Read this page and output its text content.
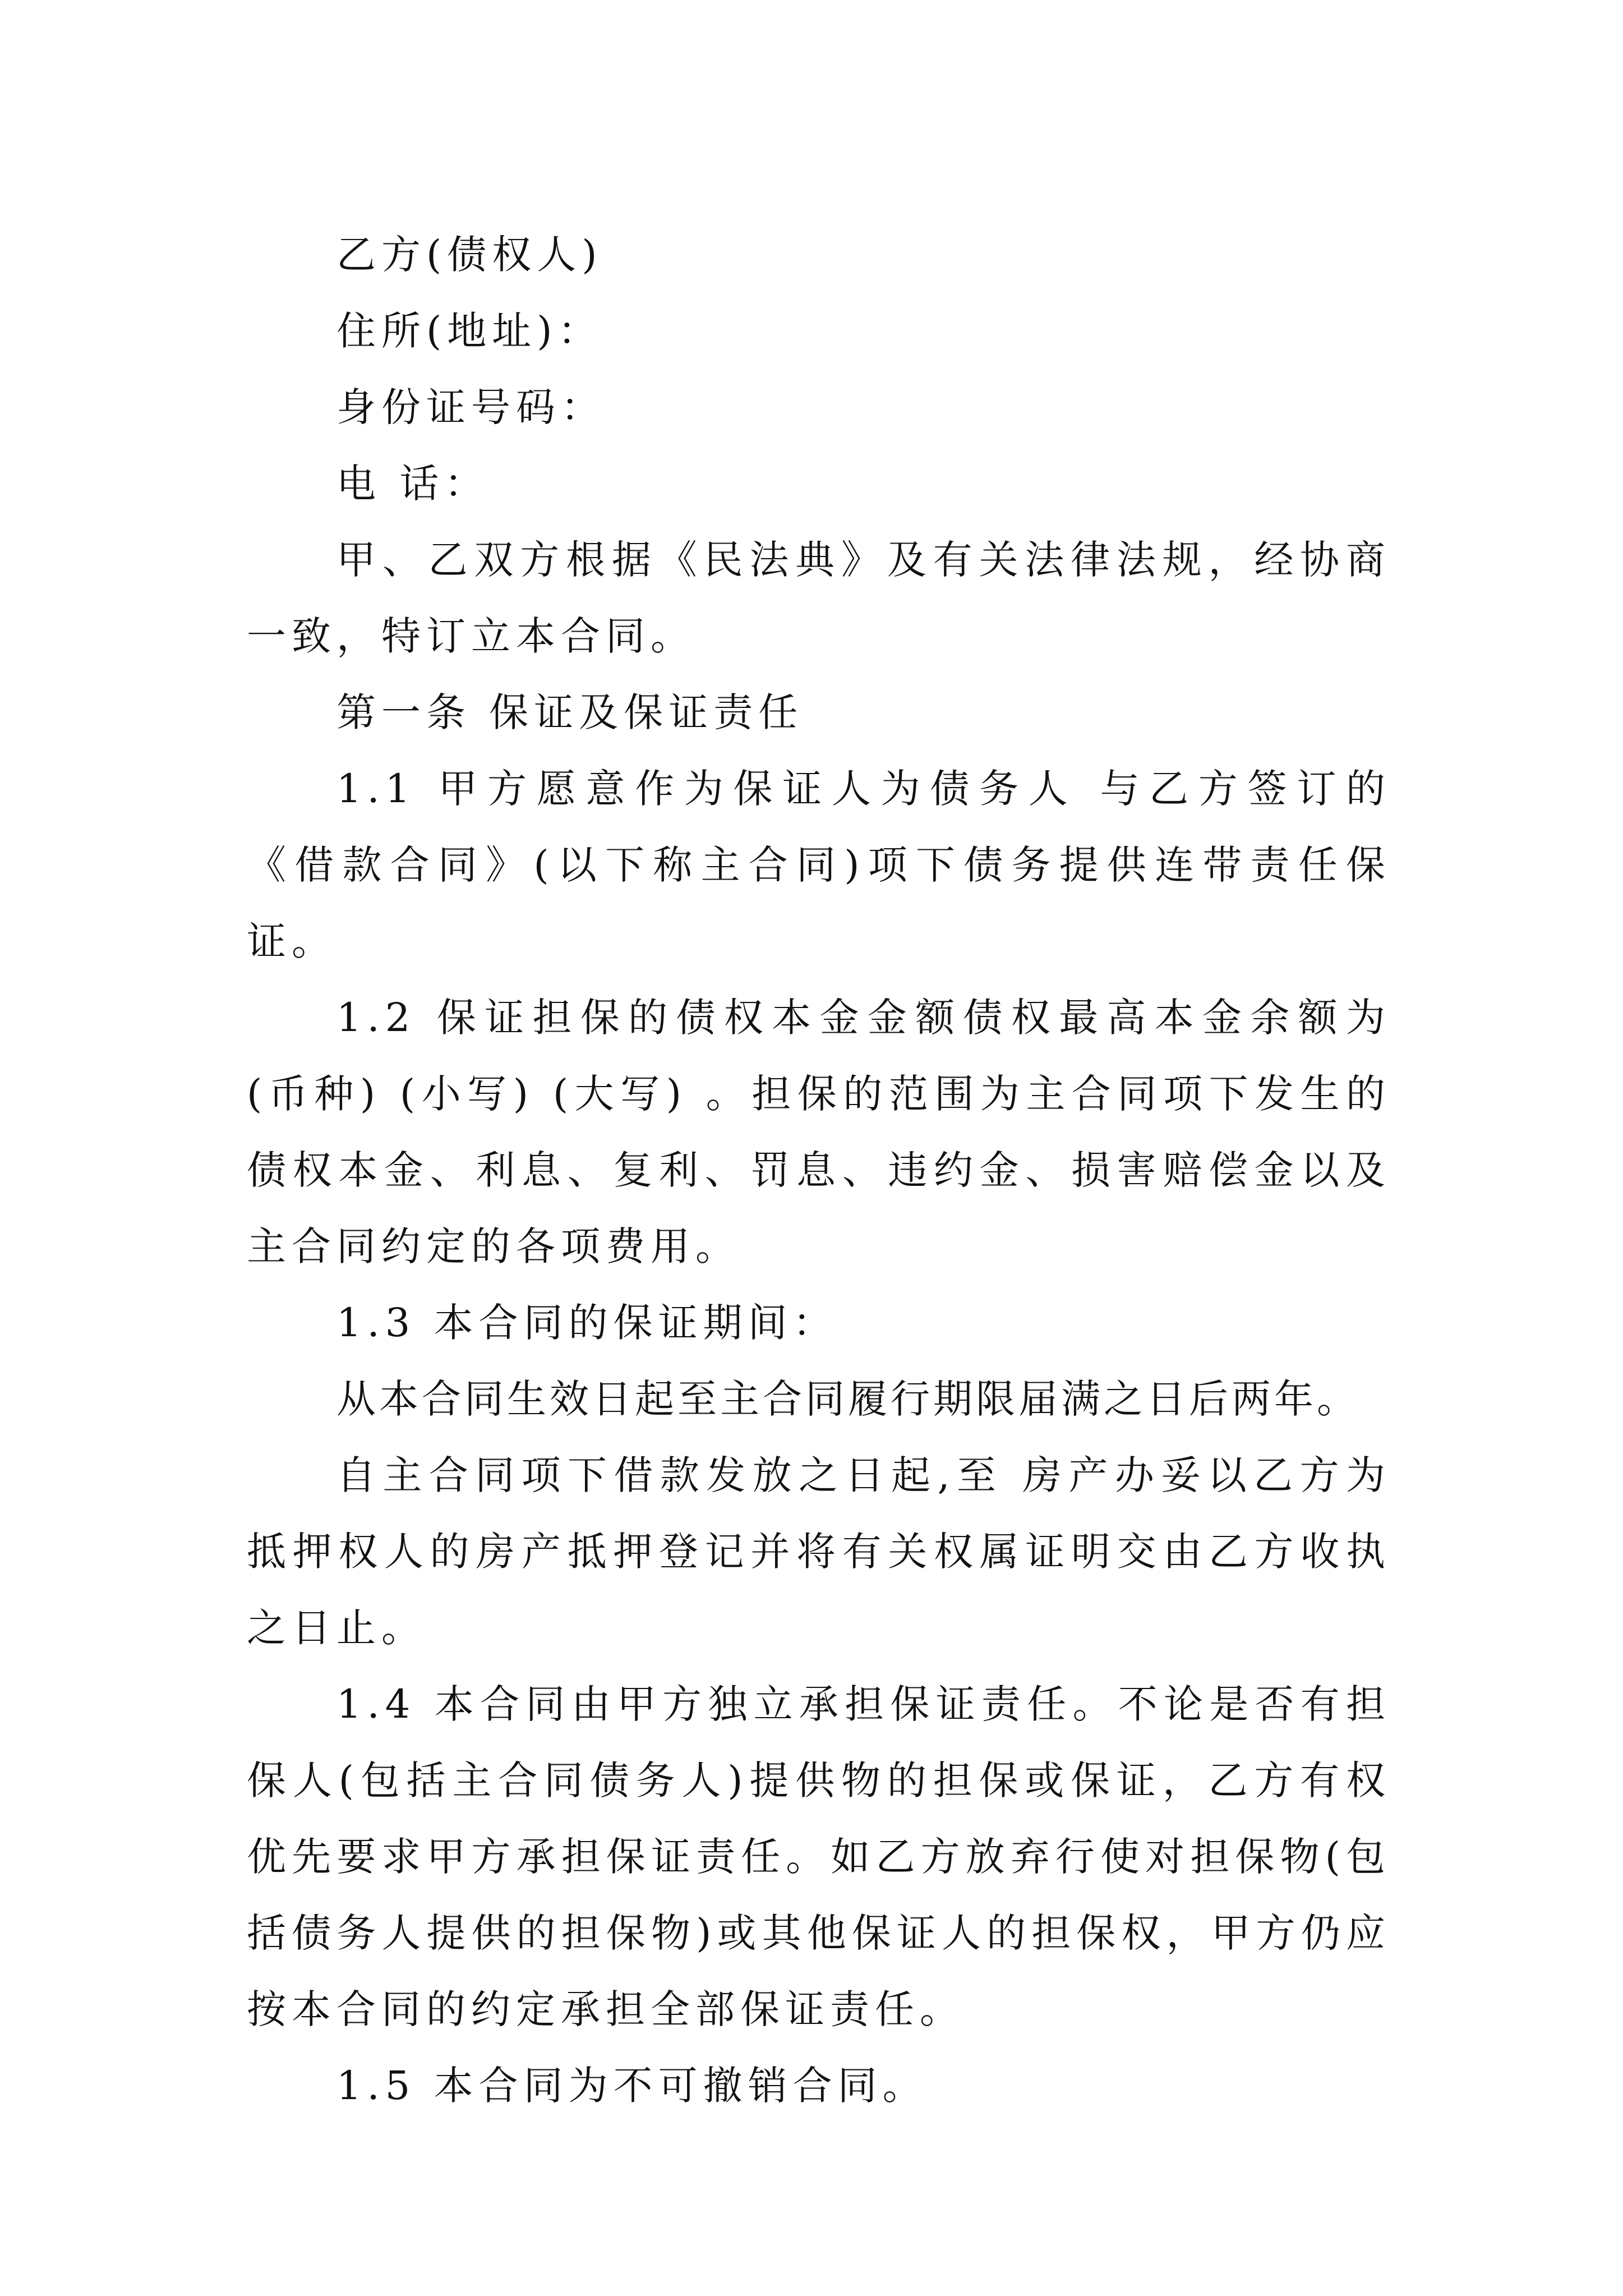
乙方(债权人)

住所(地址)：

身份证号码：

电 话：

甲、乙双方根据《民法典》及有关法律法规，经协商一致，特订立本合同。

第一条 保证及保证责任

1.1 甲方愿意作为保证人为债务人 与乙方签订的《借款合同》(以下称主合同)项下债务提供连带责任保证。

1.2 保证担保的债权本金金额债权最高本金余额为(币种) (小写) (大写) 。担保的范围为主合同项下发生的债权本金、利息、复利、罚息、违约金、损害赔偿金以及主合同约定的各项费用。

1.3 本合同的保证期间：

从本合同生效日起至主合同履行期限届满之日后两年。

自主合同项下借款发放之日起,至 房产办妥以乙方为抵押权人的房产抵押登记并将有关权属证明交由乙方收执之日止。

1.4 本合同由甲方独立承担保证责任。不论是否有担保人(包括主合同债务人)提供物的担保或保证，乙方有权优先要求甲方承担保证责任。如乙方放弃行使对担保物(包括债务人提供的担保物)或其他保证人的担保权，甲方仍应按本合同的约定承担全部保证责任。

1.5 本合同为不可撤销合同。
